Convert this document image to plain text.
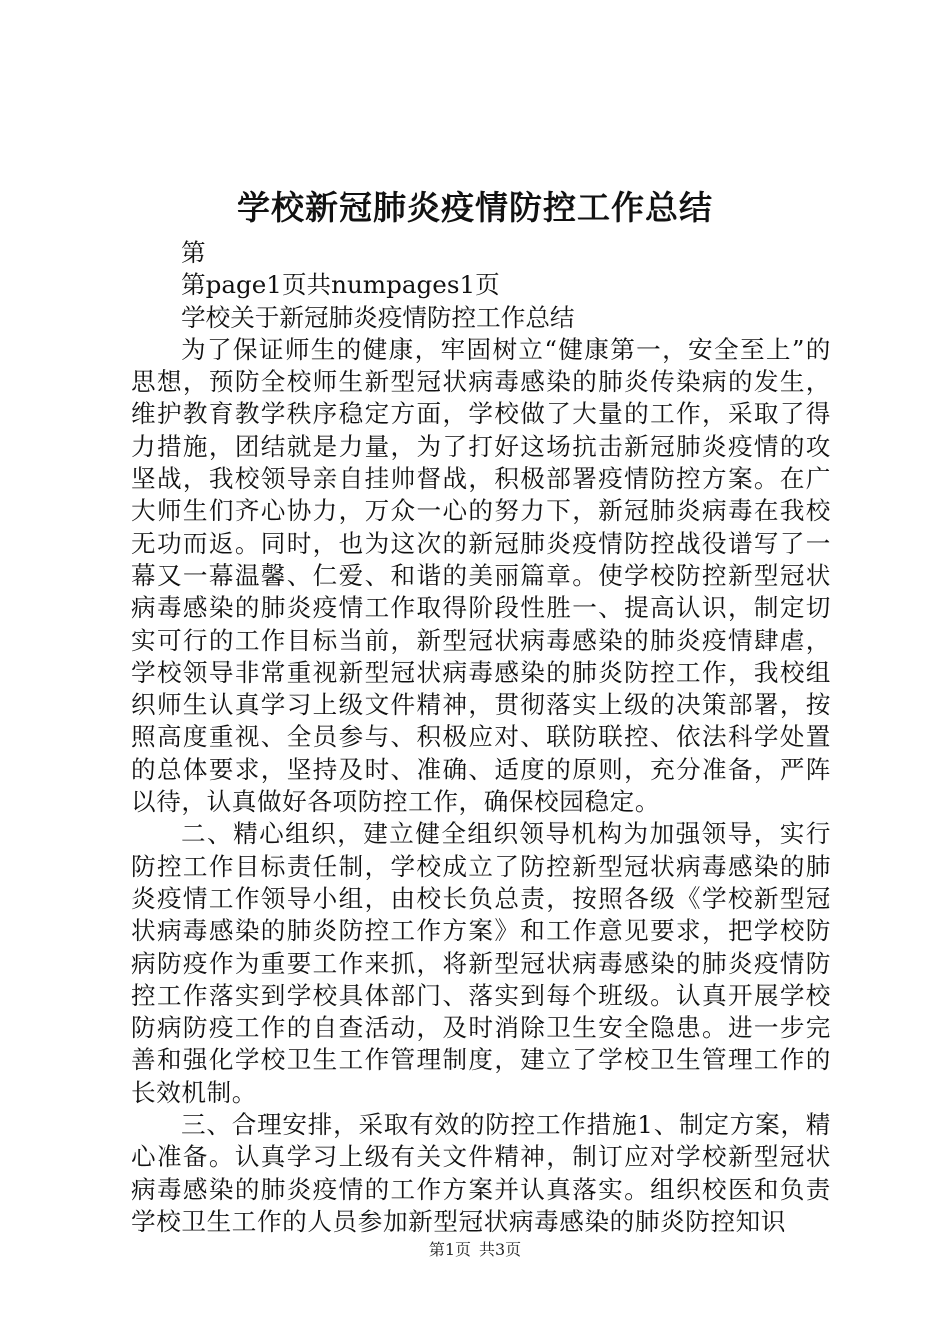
学校新冠肺炎疫情防控工作总结

第

第page1页共numpages1页

学校关于新冠肺炎疫情防控工作总结

为了保证师生的健康，牢固树立“健康第一，安全至上”的思想，预防全校师生新型冠状病毒感染的肺炎传染病的发生，维护教育教学秩序稳定方面，学校做了大量的工作，采取了得力措施，团结就是力量，为了打好这场抗击新冠肺炎疫情的攻坚战，我校领导亲自挂帅督战，积极部署疫情防控方案。在广大师生们齐心协力，万众一心的努力下，新冠肺炎病毒在我校无功而返。同时，也为这次的新冠肺炎疫情防控战役谱写了一幕又一幕温馨、仁爱、和谐的美丽篇章。使学校防控新型冠状病毒感染的肺炎疫情工作取得阶段性胜一、提高认识，制定切实可行的工作目标当前，新型冠状病毒感染的肺炎疫情肆虐，学校领导非常重视新型冠状病毒感染的肺炎防控工作，我校组织师生认真学习上级文件精神，贯彻落实上级的决策部署，按照高度重视、全员参与、积极应对、联防联控、依法科学处置的总体要求，坚持及时、准确、适度的原则，充分准备，严阵以待，认真做好各项防控工作，确保校园稳定。

二、精心组织，建立健全组织领导机构为加强领导，实行防控工作目标责任制，学校成立了防控新型冠状病毒感染的肺炎疫情工作领导小组，由校长负总责，按照各级《学校新型冠状病毒感染的肺炎防控工作方案》和工作意见要求，把学校防病防疫作为重要工作来抓，将新型冠状病毒感染的肺炎疫情防控工作落实到学校具体部门、落实到每个班级。认真开展学校防病防疫工作的自查活动，及时消除卫生安全隐患。进一步完善和强化学校卫生工作管理制度，建立了学校卫生管理工作的长效机制。

三、合理安排，采取有效的防控工作措施1、制定方案，精心准备。认真学习上级有关文件精神，制订应对学校新型冠状病毒感染的肺炎疫情的工作方案并认真落实。组织校医和负责学校卫生工作的人员参加新型冠状病毒感染的肺炎防控知识

第1页 共3页
